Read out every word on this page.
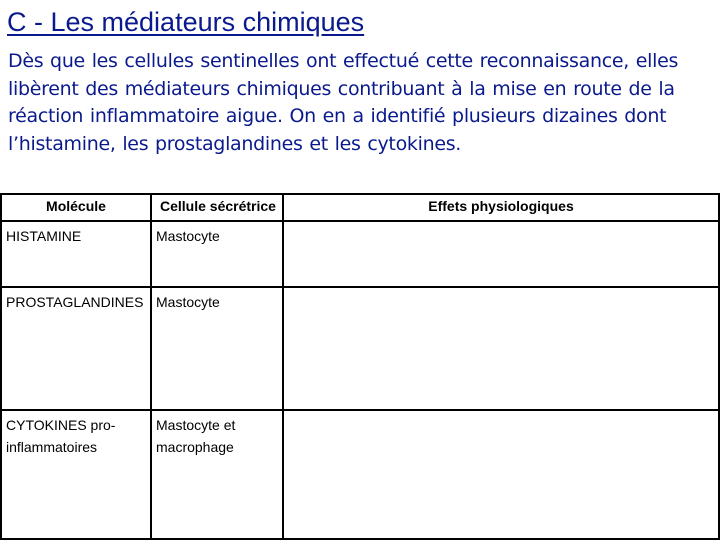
C - Les médiateurs chimiques
Dès que les cellules sentinelles ont effectué cette reconnaissance, elles libèrent des médiateurs chimiques contribuant à la mise en route de la réaction inflammatoire aigue. On en a identifié plusieurs dizaines dont l’histamine, les prostaglandines et les cytokines.
Molécule	Cellule sécrétrice	Effets physiologiques
HISTAMINE	Mastocyte	
PROSTAGLANDINES	Mastocyte	
CYTOKINES pro-inflammatoires	Mastocyte et macrophage	
